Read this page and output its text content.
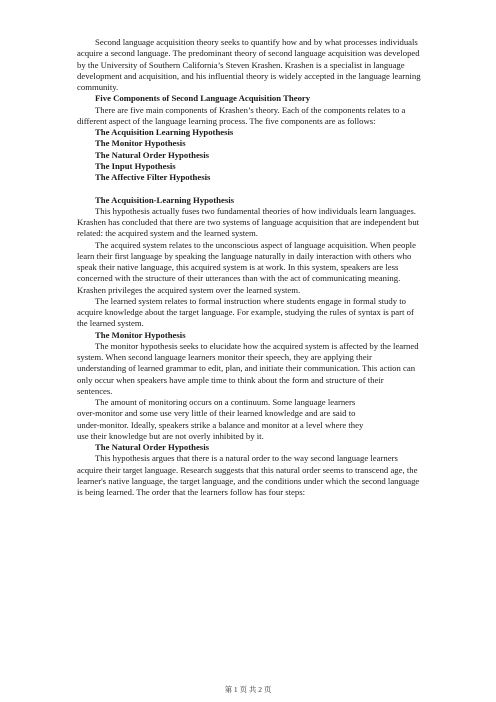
Second language acquisition theory seeks to quantify how and by what processes individuals acquire a second language. The predominant theory of second language acquisition was developed by the University of Southern California’s Steven Krashen. Krashen is a specialist in language development and acquisition, and his influential theory is widely accepted in the language learning community.

Five Components of Second Language Acquisition Theory

There are five main components of Krashen’s theory. Each of the components relates to a different aspect of the language learning process. The five components are as follows:

The Acquisition Learning Hypothesis

The Monitor Hypothesis

The Natural Order Hypothesis

The Input Hypothesis

The Affective Filter Hypothesis

The Acquisition-Learning Hypothesis

This hypothesis actually fuses two fundamental theories of how individuals learn languages. Krashen has concluded that there are two systems of language acquisition that are independent but related: the acquired system and the learned system.

The acquired system relates to the unconscious aspect of language acquisition. When people learn their first language by speaking the language naturally in daily interaction with others who speak their native language, this acquired system is at work. In this system, speakers are less concerned with the structure of their utterances than with the act of communicating meaning. Krashen privileges the acquired system over the learned system.

The learned system relates to formal instruction where students engage in formal study to acquire knowledge about the target language. For example, studying the rules of syntax is part of the learned system.

The Monitor Hypothesis

The monitor hypothesis seeks to elucidate how the acquired system is affected by the learned system. When second language learners monitor their speech, they are applying their understanding of learned grammar to edit, plan, and initiate their communication. This action can only occur when speakers have ample time to think about the form and structure of their sentences.

The amount of monitoring occurs on a continuum. Some language learners

over-monitor and some use very little of their learned knowledge and are said to

under-monitor. Ideally, speakers strike a balance and monitor at a level where they

use their knowledge but are not overly inhibited by it.

The Natural Order Hypothesis

This hypothesis argues that there is a natural order to the way second language learners acquire their target language. Research suggests that this natural order seems to transcend age, the learner's native language, the target language, and the conditions under which the second language is being learned. The order that the learners follow has four steps:

第 1 页 共 2 页
